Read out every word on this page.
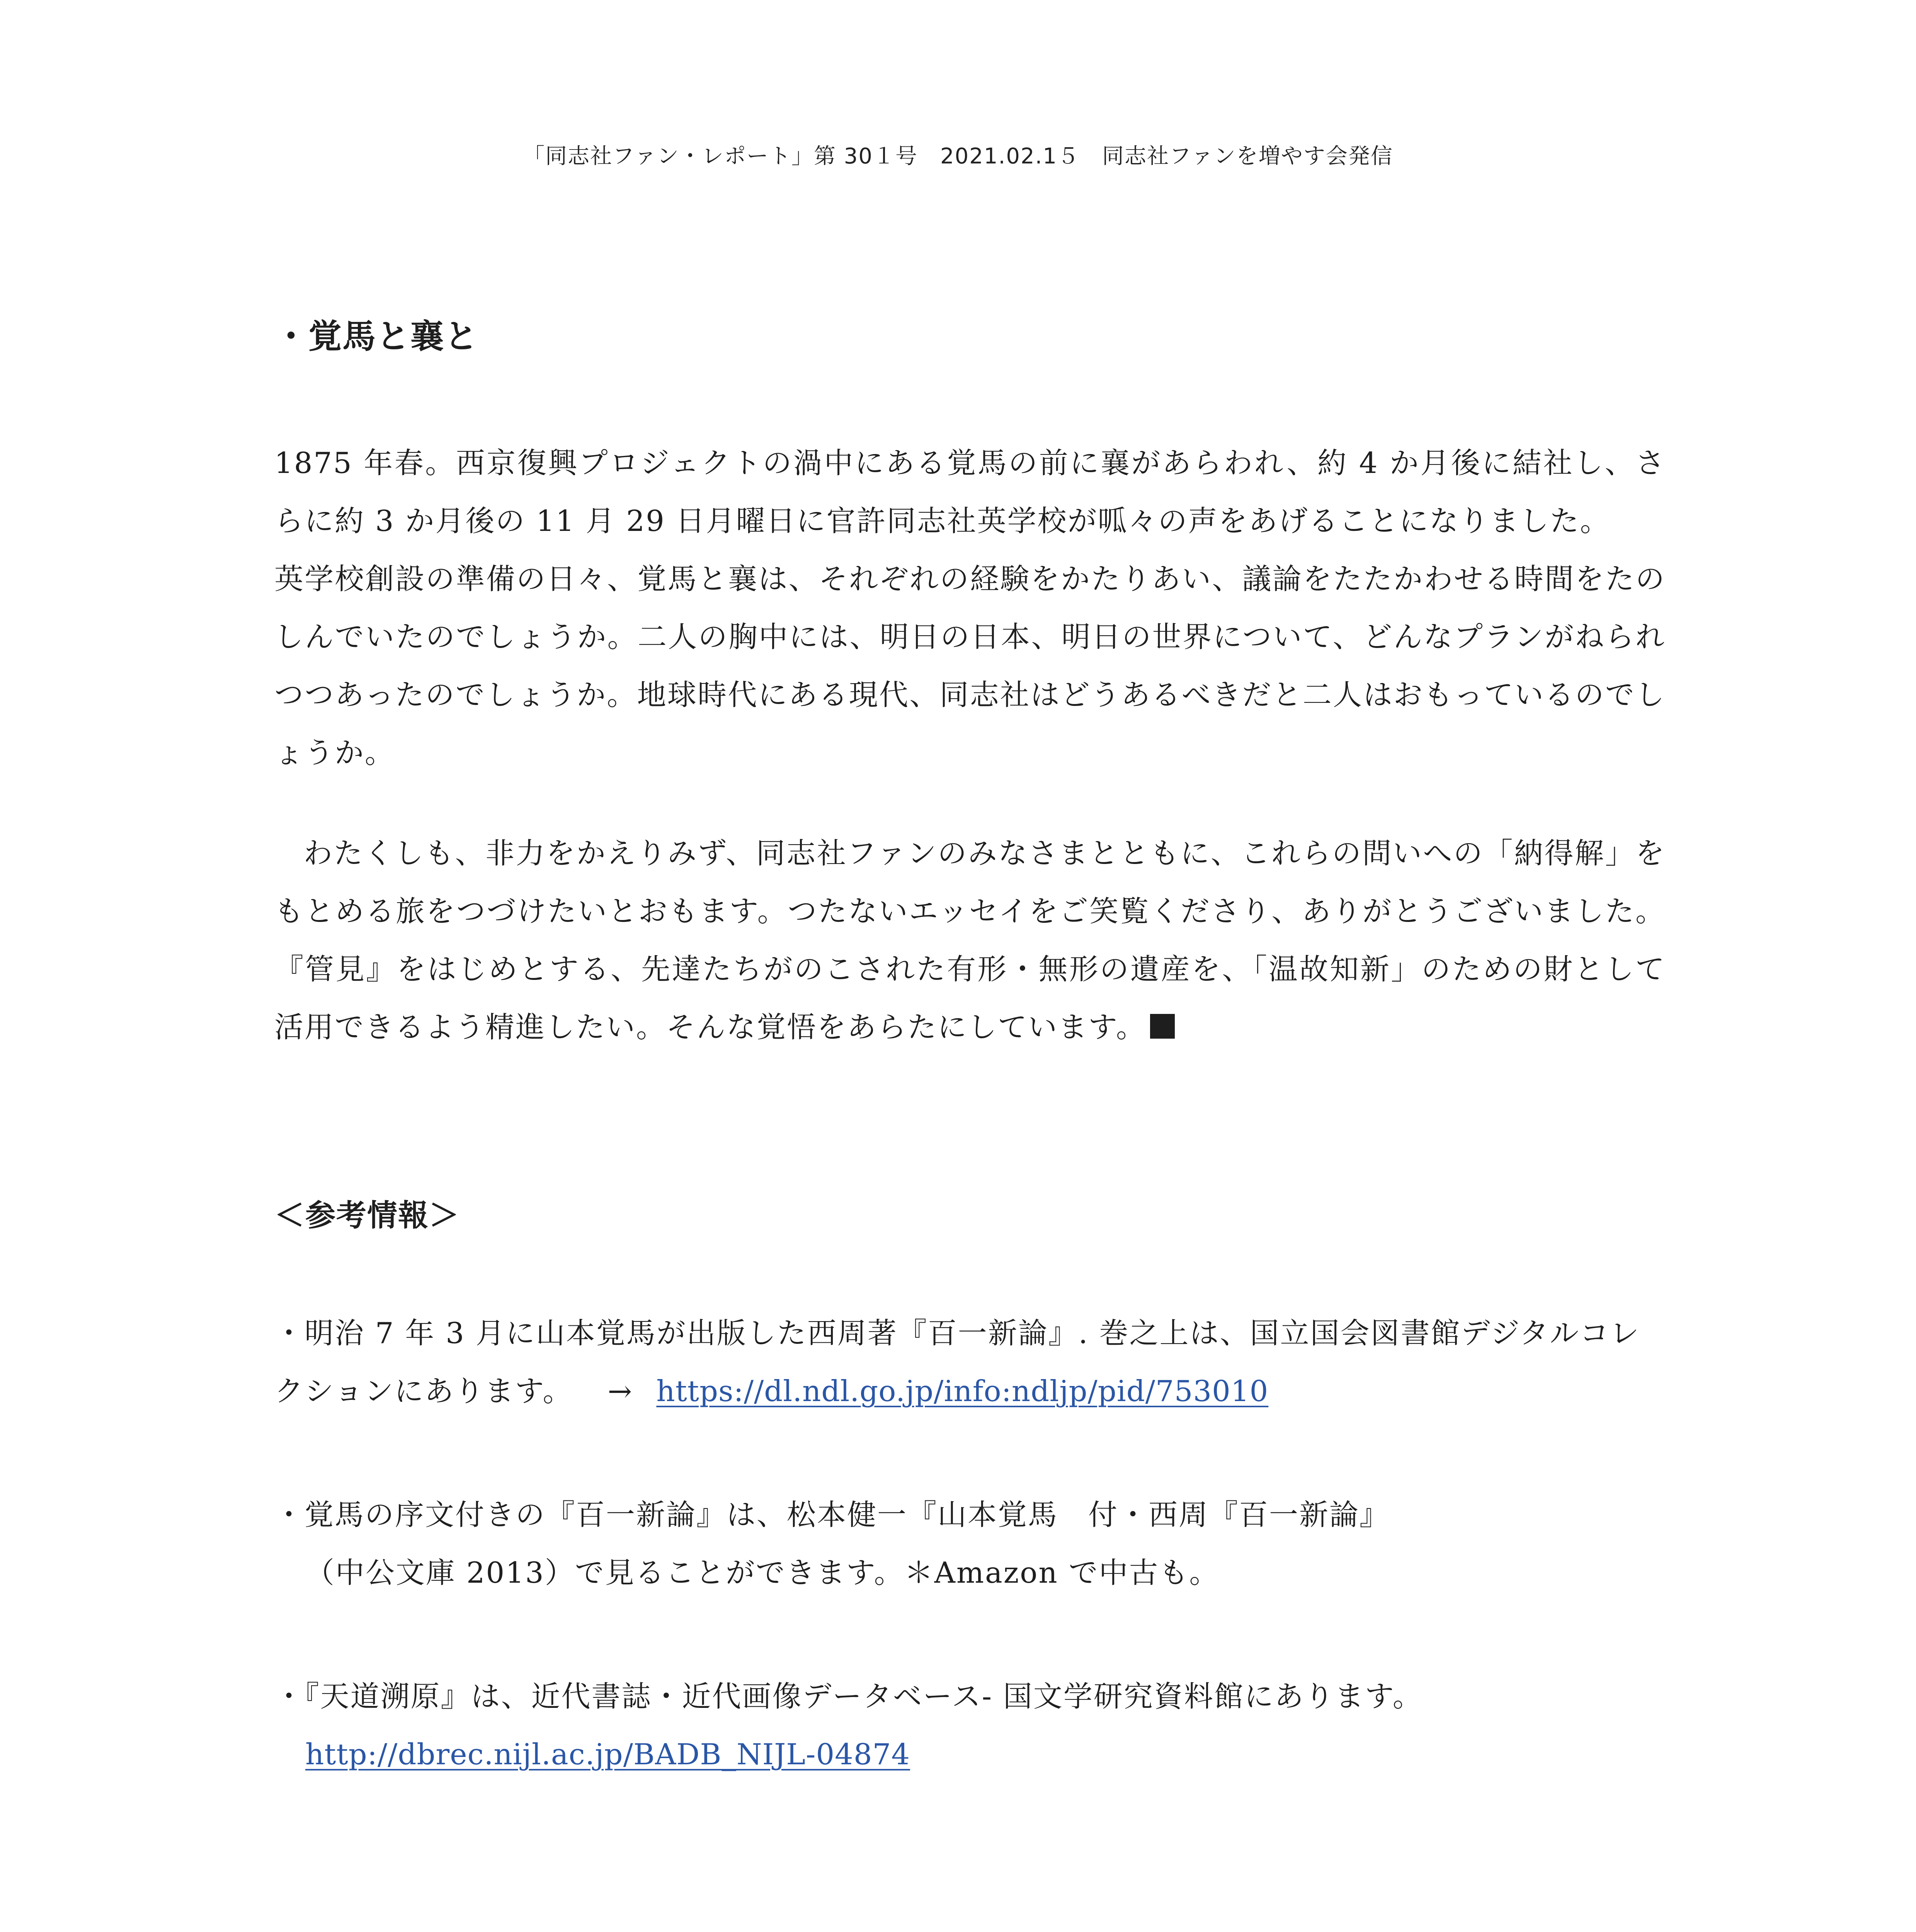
「同志社ファン・レポート」第 30１号　2021.02.1５　同志社ファンを増やす会発信
・覚馬と襄と

1875 年春。西京復興プロジェクトの渦中にある覚馬の前に襄があらわれ、約 4 か月後に結社し、さらに約 3 か月後の 11 月 29 日月曜日に官許同志社英学校が呱々の声をあげることになりました。

英学校創設の準備の日々、覚馬と襄は、それぞれの経験をかたりあい、議論をたたかわせる時間をたのしんでいたのでしょうか。二人の胸中には、明日の日本、明日の世界について、どんなプランがねられつつあったのでしょうか。地球時代にある現代、同志社はどうあるべきだと二人はおもっているのでしょうか。

わたくしも、非力をかえりみず、同志社ファンのみなさまとともに、これらの問いへの「納得解」をもとめる旅をつづけたいとおもます。つたないエッセイをご笑覧くださり、ありがとうございました。『管見』をはじめとする、先達たちがのこされた有形・無形の遺産を、「温故知新」のための財として活用できるよう精進したい。そんな覚悟をあらたにしています。

＜参考情報＞

・明治 7 年 3 月に山本覚馬が出版した西周著『百一新論』. 巻之上は、国立国会図書館デジタルコレクションにあります。 → https://dl.ndl.go.jp/info:ndljp/pid/753010

・覚馬の序文付きの『百一新論』は、松本健一『山本覚馬　付・西周『百一新論』
（中公文庫 2013）で見ることができます。＊Amazon で中古も。

・『天道溯原』は、近代書誌・近代画像データベース- 国文学研究資料館にあります。
http://dbrec.nijl.ac.jp/BADB_NIJL-04874
